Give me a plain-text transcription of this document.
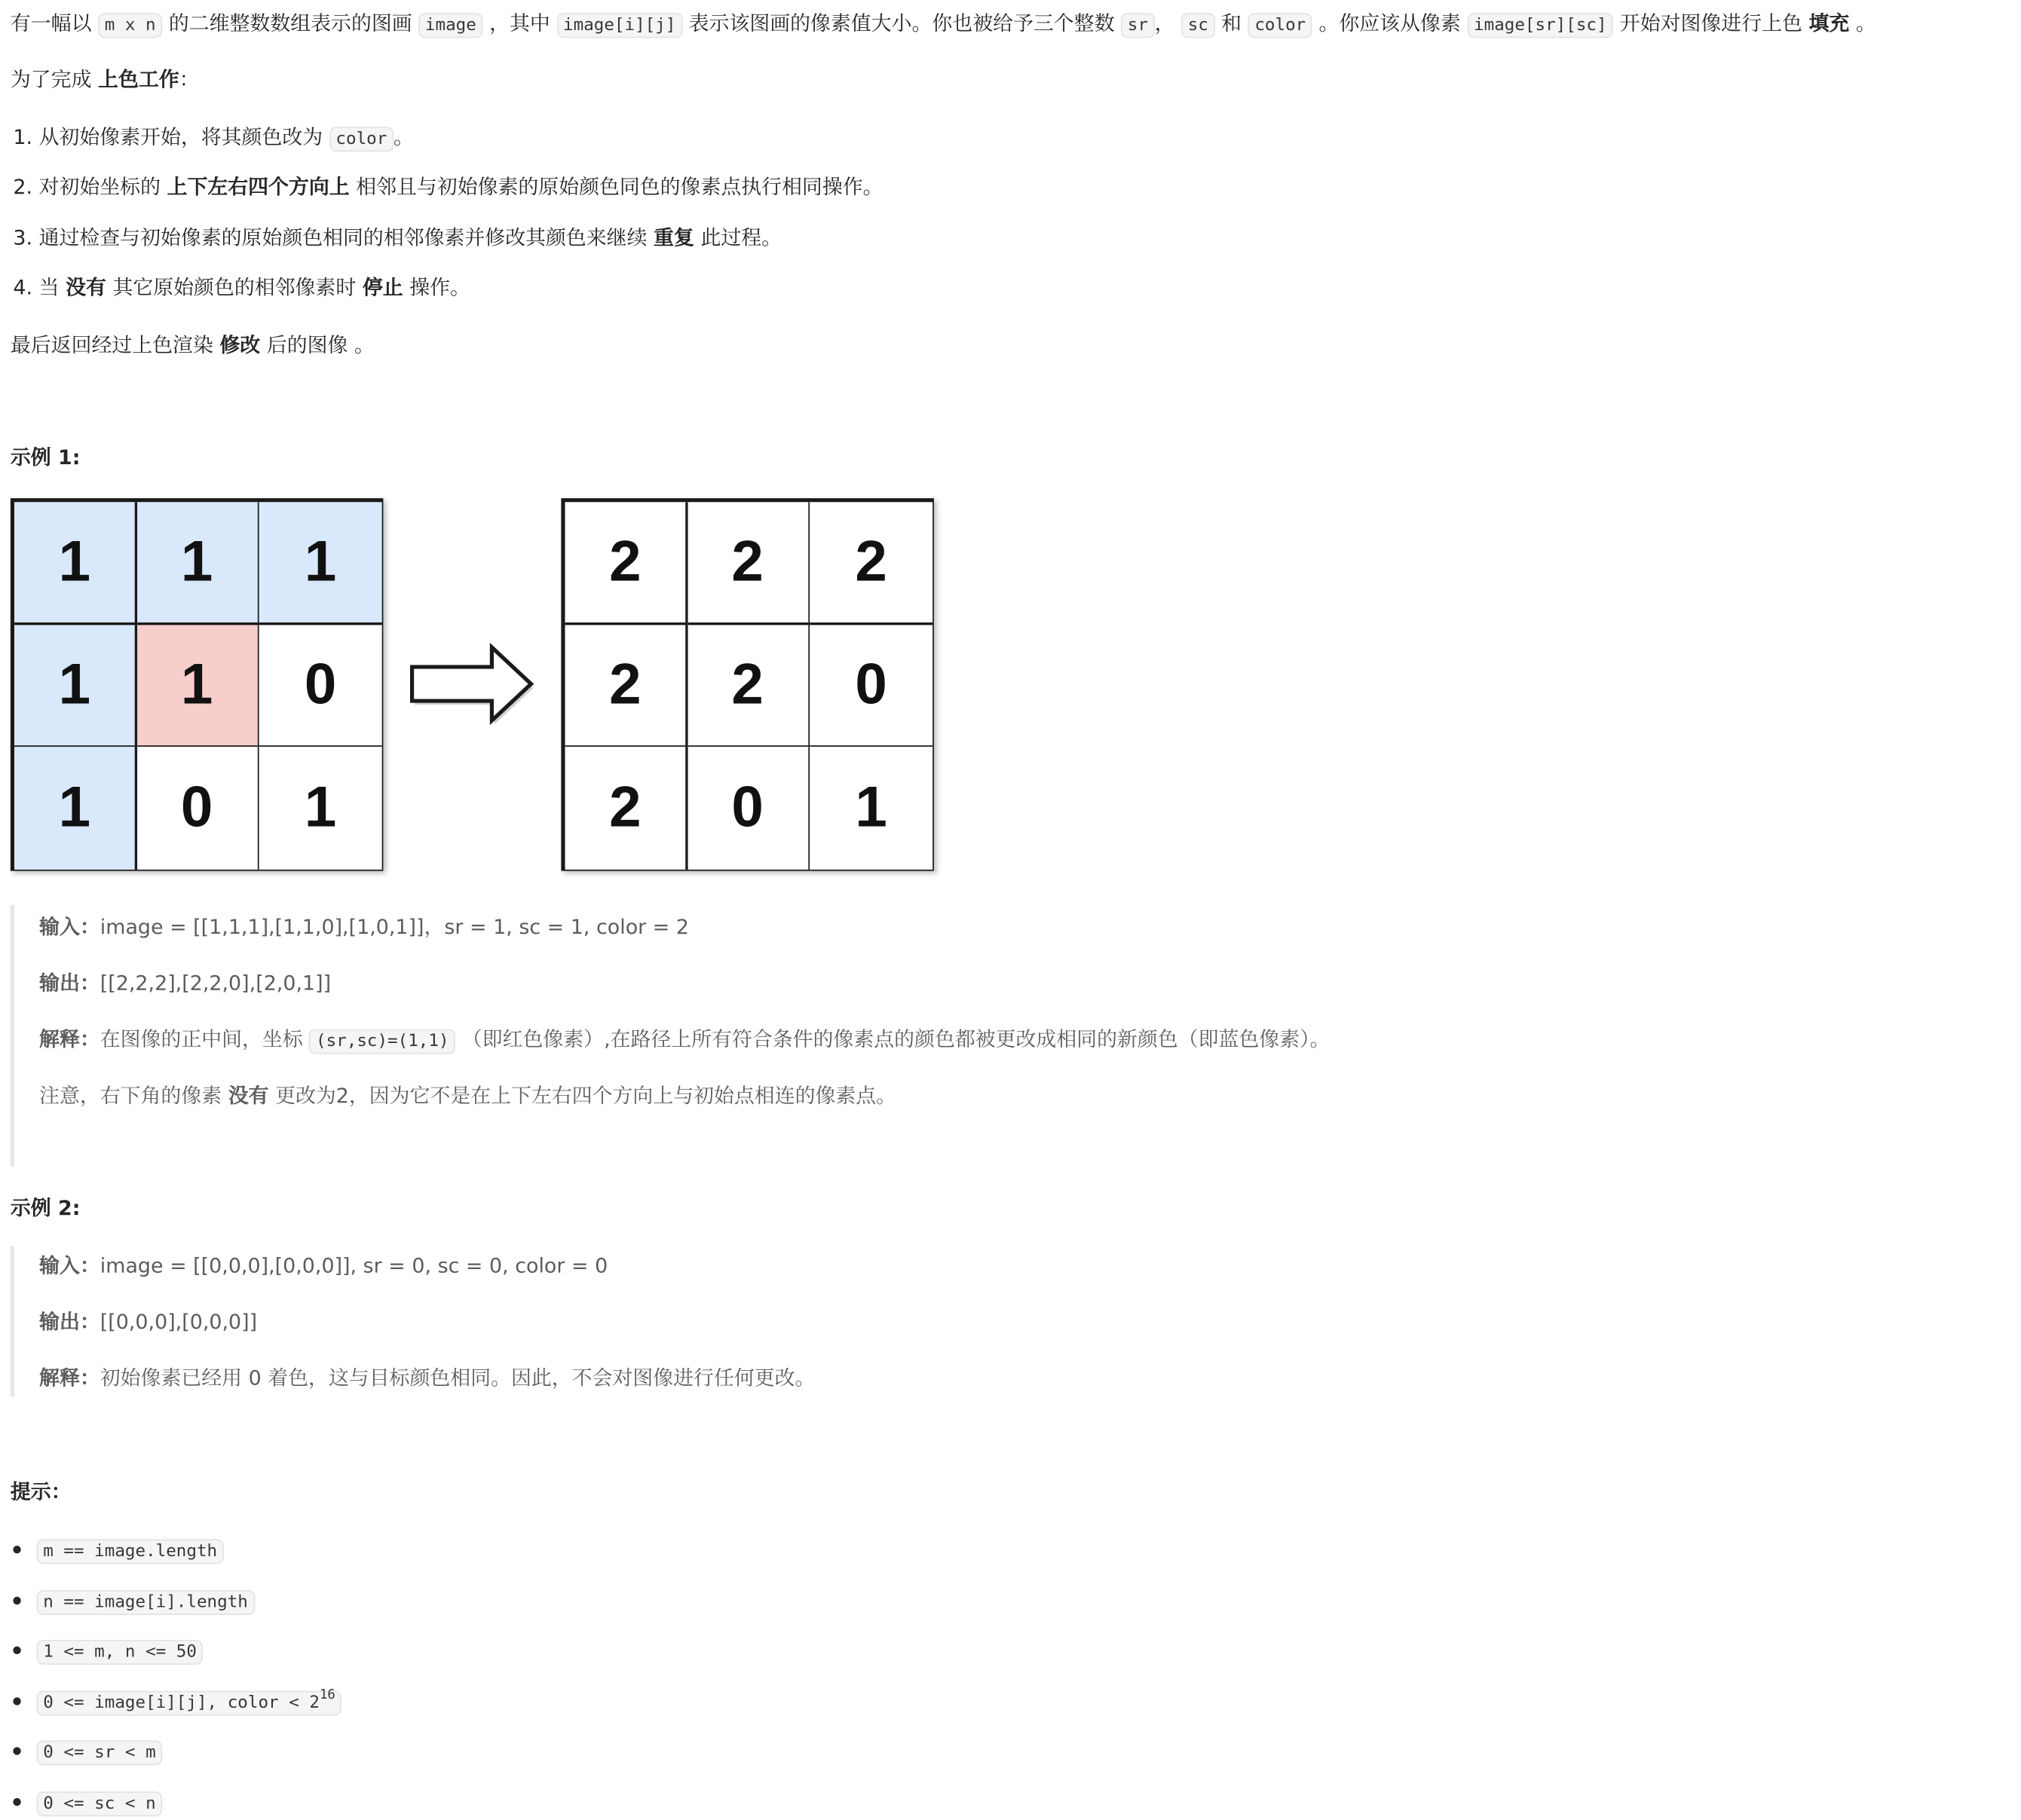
有一幅以 m x n 的二维整数数组表示的图画 image ，其中 image[i][j] 表示该图画的像素值大小。你也被给予三个整数 sr ， sc 和 color 。你应该从像素 image[sr][sc] 开始对图像进行上色 填充 。
为了完成 上色工作：
1. 从初始像素开始，将其颜色改为 color 。
2. 对初始坐标的 上下左右四个方向上 相邻且与初始像素的原始颜色同色的像素点执行相同操作。
3. 通过检查与初始像素的原始颜色相同的相邻像素并修改其颜色来继续 重复 此过程。
4. 当 没有 其它原始颜色的相邻像素时 停止 操作。
最后返回经过上色渲染 修改 后的图像 。
示例 1:
1	1	1
1	1	0
1	0	1
2	2	2
2	2	0
2	0	1
输入：image = [[1,1,1],[1,1,0],[1,0,1]]，sr = 1, sc = 1, color = 2
输出：[[2,2,2],[2,2,0],[2,0,1]]
解释：在图像的正中间，坐标 (sr,sc)=(1,1) （即红色像素）,在路径上所有符合条件的像素点的颜色都被更改成相同的新颜色（即蓝色像素）。
注意，右下角的像素 没有 更改为2，因为它不是在上下左右四个方向上与初始点相连的像素点。
示例 2:
输入：image = [[0,0,0],[0,0,0]], sr = 0, sc = 0, color = 0
输出：[[0,0,0],[0,0,0]]
解释：初始像素已经用 0 着色，这与目标颜色相同。因此，不会对图像进行任何更改。
提示：
m == image.length
n == image[i].length
1 <= m, n <= 50
0 <= image[i][j], color < $2^{16}$
0 <= sr < m
0 <= sc < n
